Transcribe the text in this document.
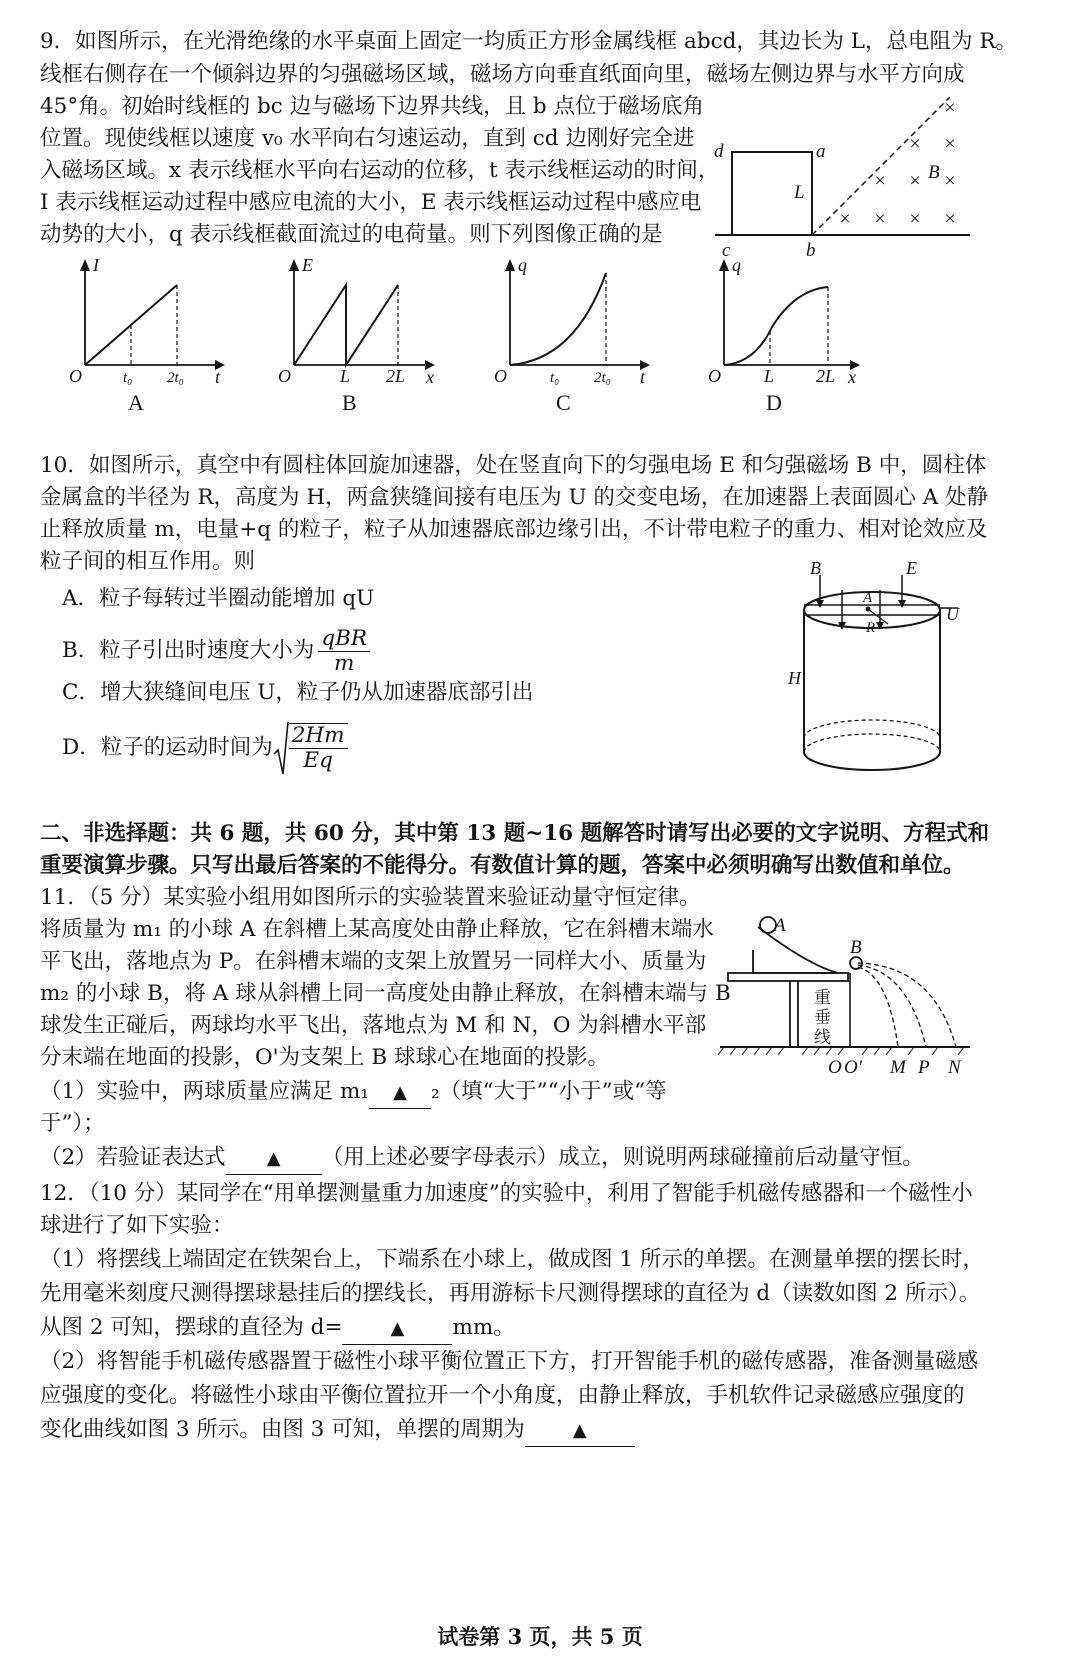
9．如图所示，在光滑绝缘的水平桌面上固定一均质正方形金属线框 abcd，其边长为 L，总电阻为 R。
线框右侧存在一个倾斜边界的匀强磁场区域，磁场方向垂直纸面向里，磁场左侧边界与水平方向成
45°角。初始时线框的 bc 边与磁场下边界共线，且 b 点位于磁场底角
位置。现使线框以速度 v₀ 水平向右匀速运动，直到 cd 边刚好完全进
入磁场区域。x 表示线框水平向右运动的位移，t 表示线框运动的时间，
I 表示线框运动过程中感应电流的大小，E 表示线框运动过程中感应电
动势的大小，q 表示线框截面流过的电荷量。则下列图像正确的是
×
× ×
× × ×
× × × ×
d	a
L
c	b
B
I
t
O	t₀ 2t₀
A
E
x
O	L 2L
B
q
t
O	t₀ 2t₀
C
q
x
O L 2L
D
10．如图所示，真空中有圆柱体回旋加速器，处在竖直向下的匀强电场 E 和匀强磁场 B 中，圆柱体
金属盒的半径为 R，高度为 H，两盒狭缝间接有电压为 U 的交变电场，在加速器上表面圆心 A 处静
止释放质量 m，电量+q 的粒子，粒子从加速器底部边缘引出，不计带电粒子的重力、相对论效应及
粒子间的相互作用。则
A．粒子每转过半圈动能增加 qU
B．粒子引出时速度大小为 $\frac{\text{qBR}}{m}$
C．增大狭缝间电压 U，粒子仍从加速器底部引出
D．粒子的运动时间为 $\frac{2Hm}{Eq}$
B	E
A
R
U
H
二、非选择题：共 6 题，共 60 分，其中第 13 题~16 题解答时请写出必要的文字说明、方程式和
重要演算步骤。只写出最后答案的不能得分。有数值计算的题，答案中必须明确写出数值和单位。
11．（5 分）某实验小组用如图所示的实验装置来验证动量守恒定律。
将质量为 m₁ 的小球 A 在斜槽上某高度处由静止释放，它在斜槽末端水
平飞出，落地点为 P。在斜槽末端的支架上放置另一同样大小、质量为
m₂ 的小球 B，将 A 球从斜槽上同一高度处由静止释放，在斜槽末端与 B
球发生正碰后，两球均水平飞出，落地点为 M 和 N，O 为斜槽水平部
分末端在地面的投影，O'为支架上 B 球球心在地面的投影。
（1）实验中，两球质量应满足 m₁ ▲ ₂（填“大于”“小于”或“等
于”）；
（2）若验证表达式 ▲ （用上述必要字母表示）成立，则说明两球碰撞前后动量守恒。
A
B
重
垂
线
O O' M P N
12．（10 分）某同学在“用单摆测量重力加速度”的实验中，利用了智能手机磁传感器和一个磁性小
球进行了如下实验：
（1）将摆线上端固定在铁架台上，下端系在小球上，做成图 1 所示的单摆。在测量单摆的摆长时，
先用毫米刻度尺测得摆球悬挂后的摆线长，再用游标卡尺测得摆球的直径为 d（读数如图 2 所示）。
从图 2 可知，摆球的直径为 d=	▲ mm。
（2）将智能手机磁传感器置于磁性小球平衡位置正下方，打开智能手机的磁传感器，准备测量磁感
应强度的变化。将磁性小球由平衡位置拉开一个小角度，由静止释放，手机软件记录磁感应强度的
变化曲线如图 3 所示。由图 3 可知，单摆的周期为	▲
试卷第 3 页，共 5 页
